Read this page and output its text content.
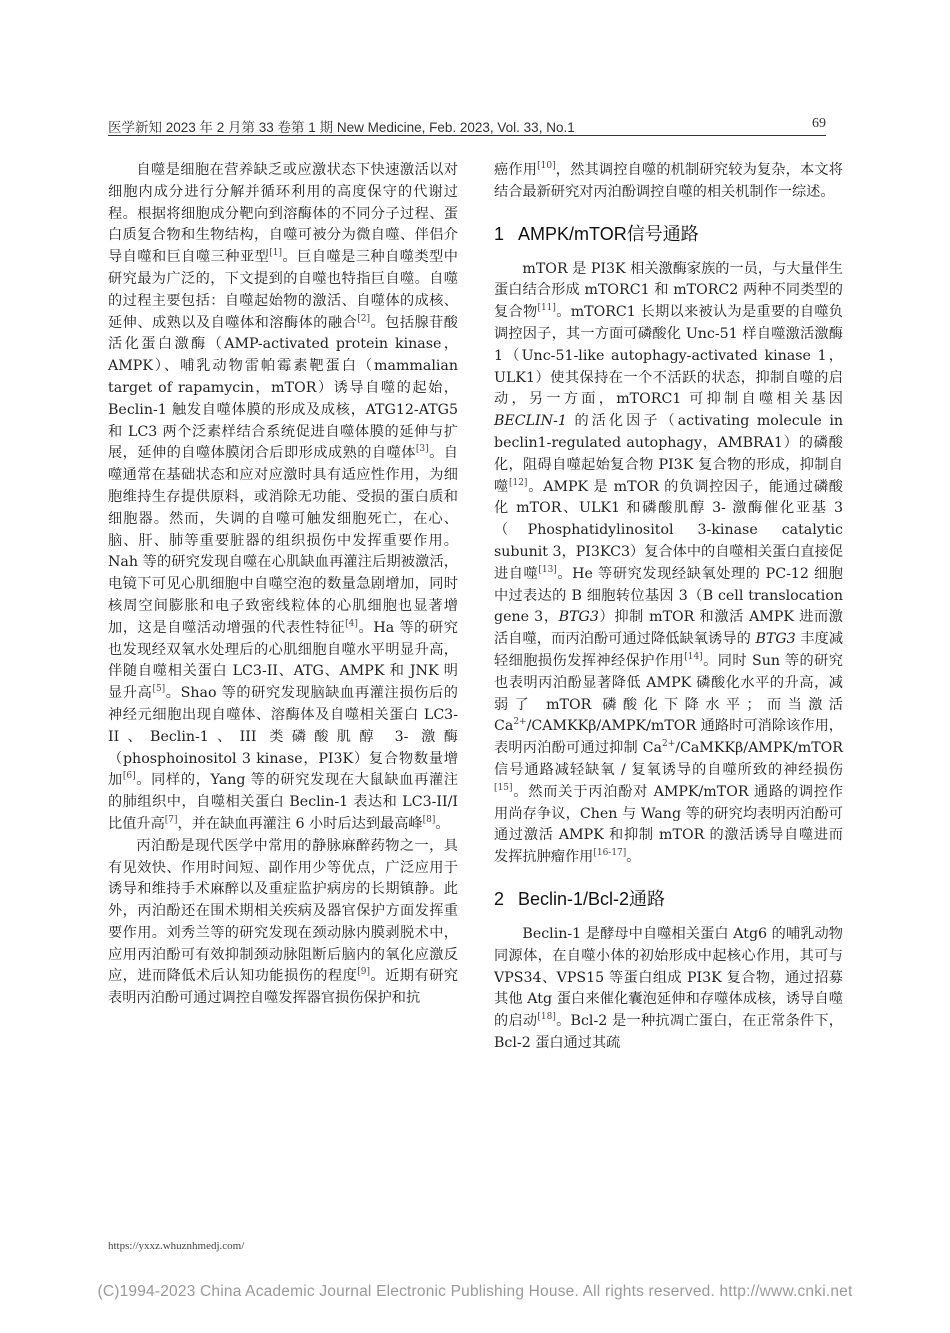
医学新知 2023 年 2 月第 33 卷第 1 期 New Medicine, Feb. 2023, Vol. 33, No.1	69

自噬是细胞在营养缺乏或应激状态下快速激活以对细胞内成分进行分解并循环利用的高度保守的代谢过程。根据将细胞成分靶向到溶酶体的不同分子过程、蛋白质复合物和生物结构，自噬可被分为微自噬、伴侣介导自噬和巨自噬三种亚型[1]。巨自噬是三种自噬类型中研究最为广泛的，下文提到的自噬也特指巨自噬。自噬的过程主要包括：自噬起始物的激活、自噬体的成核、延伸、成熟以及自噬体和溶酶体的融合[2]。包括腺苷酸活化蛋白激酶（AMP-activated protein kinase，AMPK）、哺乳动物雷帕霉素靶蛋白（mammalian target of rapamycin，mTOR）诱导自噬的起始，Beclin-1 触发自噬体膜的形成及成核，ATG12-ATG5 和 LC3 两个泛素样结合系统促进自噬体膜的延伸与扩展，延伸的自噬体膜闭合后即形成成熟的自噬体[3]。自噬通常在基础状态和应对应激时具有适应性作用，为细胞维持生存提供原料，或消除无功能、受损的蛋白质和细胞器。然而，失调的自噬可触发细胞死亡，在心、脑、肝、肺等重要脏器的组织损伤中发挥重要作用。Nah 等的研究发现自噬在心肌缺血再灌注后期被激活，电镜下可见心肌细胞中自噬空泡的数量急剧增加，同时核周空间膨胀和电子致密线粒体的心肌细胞也显著增加，这是自噬活动增强的代表性特征[4]。Ha 等的研究也发现经双氧水处理后的心肌细胞自噬水平明显升高，伴随自噬相关蛋白 LC3-II、ATG、AMPK 和 JNK 明显升高[5]。Shao 等的研究发现脑缺血再灌注损伤后的神经元细胞出现自噬体、溶酶体及自噬相关蛋白 LC3-II、Beclin-1、III 类磷酸肌醇 3- 激酶（phosphoinositol 3 kinase，PI3K）复合物数量增加[6]。同样的，Yang 等的研究发现在大鼠缺血再灌注的肺组织中，自噬相关蛋白 Beclin-1 表达和 LC3-II/I 比值升高[7]，并在缺血再灌注 6 小时后达到最高峰[8]。

丙泊酚是现代医学中常用的静脉麻醉药物之一，具有见效快、作用时间短、副作用少等优点，广泛应用于诱导和维持手术麻醉以及重症监护病房的长期镇静。此外，丙泊酚还在围术期相关疾病及器官保护方面发挥重要作用。刘秀兰等的研究发现在颈动脉内膜剥脱术中，应用丙泊酚可有效抑制颈动脉阻断后脑内的氧化应激反应，进而降低术后认知功能损伤的程度[9]。近期有研究表明丙泊酚可通过调控自噬发挥器官损伤保护和抗

癌作用[10]，然其调控自噬的机制研究较为复杂，本文将结合最新研究对丙泊酚调控自噬的相关机制作一综述。

1 AMPK/mTOR信号通路

mTOR 是 PI3K 相关激酶家族的一员，与大量伴生蛋白结合形成 mTORC1 和 mTORC2 两种不同类型的复合物[11]。mTORC1 长期以来被认为是重要的自噬负调控因子，其一方面可磷酸化 Unc-51 样自噬激活激酶 1（Unc-51-like autophagy-activated kinase 1，ULK1）使其保持在一个不活跃的状态，抑制自噬的启动，另一方面，mTORC1 可抑制自噬相关基因 BECLIN-1 的活化因子（activating molecule in beclin1-regulated autophagy，AMBRA1）的磷酸化，阻碍自噬起始复合物 PI3K 复合物的形成，抑制自噬[12]。AMPK 是 mTOR 的负调控因子，能通过磷酸化 mTOR、ULK1 和磷酸肌醇 3- 激酶催化亚基 3（Phosphatidylinositol 3-kinase catalytic subunit 3，PI3KC3）复合体中的自噬相关蛋白直接促进自噬[13]。He 等研究发现经缺氧处理的 PC-12 细胞中过表达的 B 细胞转位基因 3（B cell translocation gene 3，BTG3）抑制 mTOR 和激活 AMPK 进而激活自噬，而丙泊酚可通过降低缺氧诱导的 BTG3 丰度减轻细胞损伤发挥神经保护作用[14]。同时 Sun 等的研究也表明丙泊酚显著降低 AMPK 磷酸化水平的升高，减弱了 mTOR 磷酸化下降水平；而当激活 $Ca^{2+}/CAMKK\beta/AMPK$/mTOR 通路时可消除该作用，表明丙泊酚可通过抑制 $Ca^{2+}/CaMKK\beta/AMPK$/mTOR 信号通路减轻缺氧 / 复氧诱导的自噬所致的神经损伤[15]。然而关于丙泊酚对 AMPK/mTOR 通路的调控作用尚存争议，Chen 与 Wang 等的研究均表明丙泊酚可通过激活 AMPK 和抑制 mTOR 的激活诱导自噬进而发挥抗肿瘤作用[16-17]。

2 Beclin-1/Bcl-2通路

Beclin-1 是酵母中自噬相关蛋白 Atg6 的哺乳动物同源体，在自噬小体的初始形成中起核心作用，其可与 VPS34、VPS15 等蛋白组成 PI3K 复合物，通过招募其他 Atg 蛋白来催化囊泡延伸和存噬体成核，诱导自噬的启动[18]。Bcl-2 是一种抗凋亡蛋白，在正常条件下，Bcl-2 蛋白通过其疏

https://yxxz.whuznhmedj.com/
(C)1994-2023 China Academic Journal Electronic Publishing House. All rights reserved. http://www.cnki.net
